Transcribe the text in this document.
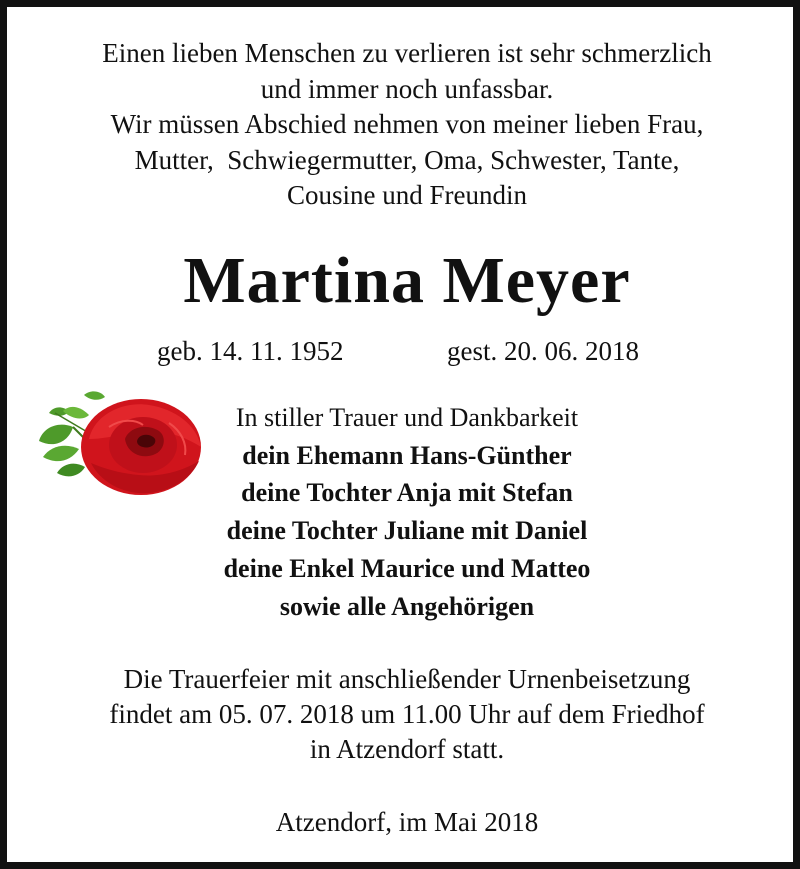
Einen lieben Menschen zu verlieren ist sehr schmerzlich
und immer noch unfassbar.
Wir müssen Abschied nehmen von meiner lieben Frau,
Mutter,  Schwiegermutter, Oma, Schwester, Tante,
Cousine und Freundin
Martina Meyer
geb. 14. 11. 1952	gest. 20. 06. 2018
In stiller Trauer und Dankbarkeit
dein Ehemann Hans-Günther
deine Tochter Anja mit Stefan
deine Tochter Juliane mit Daniel
deine Enkel Maurice und Matteo
sowie alle Angehörigen
Die Trauerfeier mit anschließender Urnenbeisetzung
findet am 05. 07. 2018 um 11.00 Uhr auf dem Friedhof
in Atzendorf statt.
Atzendorf, im Mai 2018
